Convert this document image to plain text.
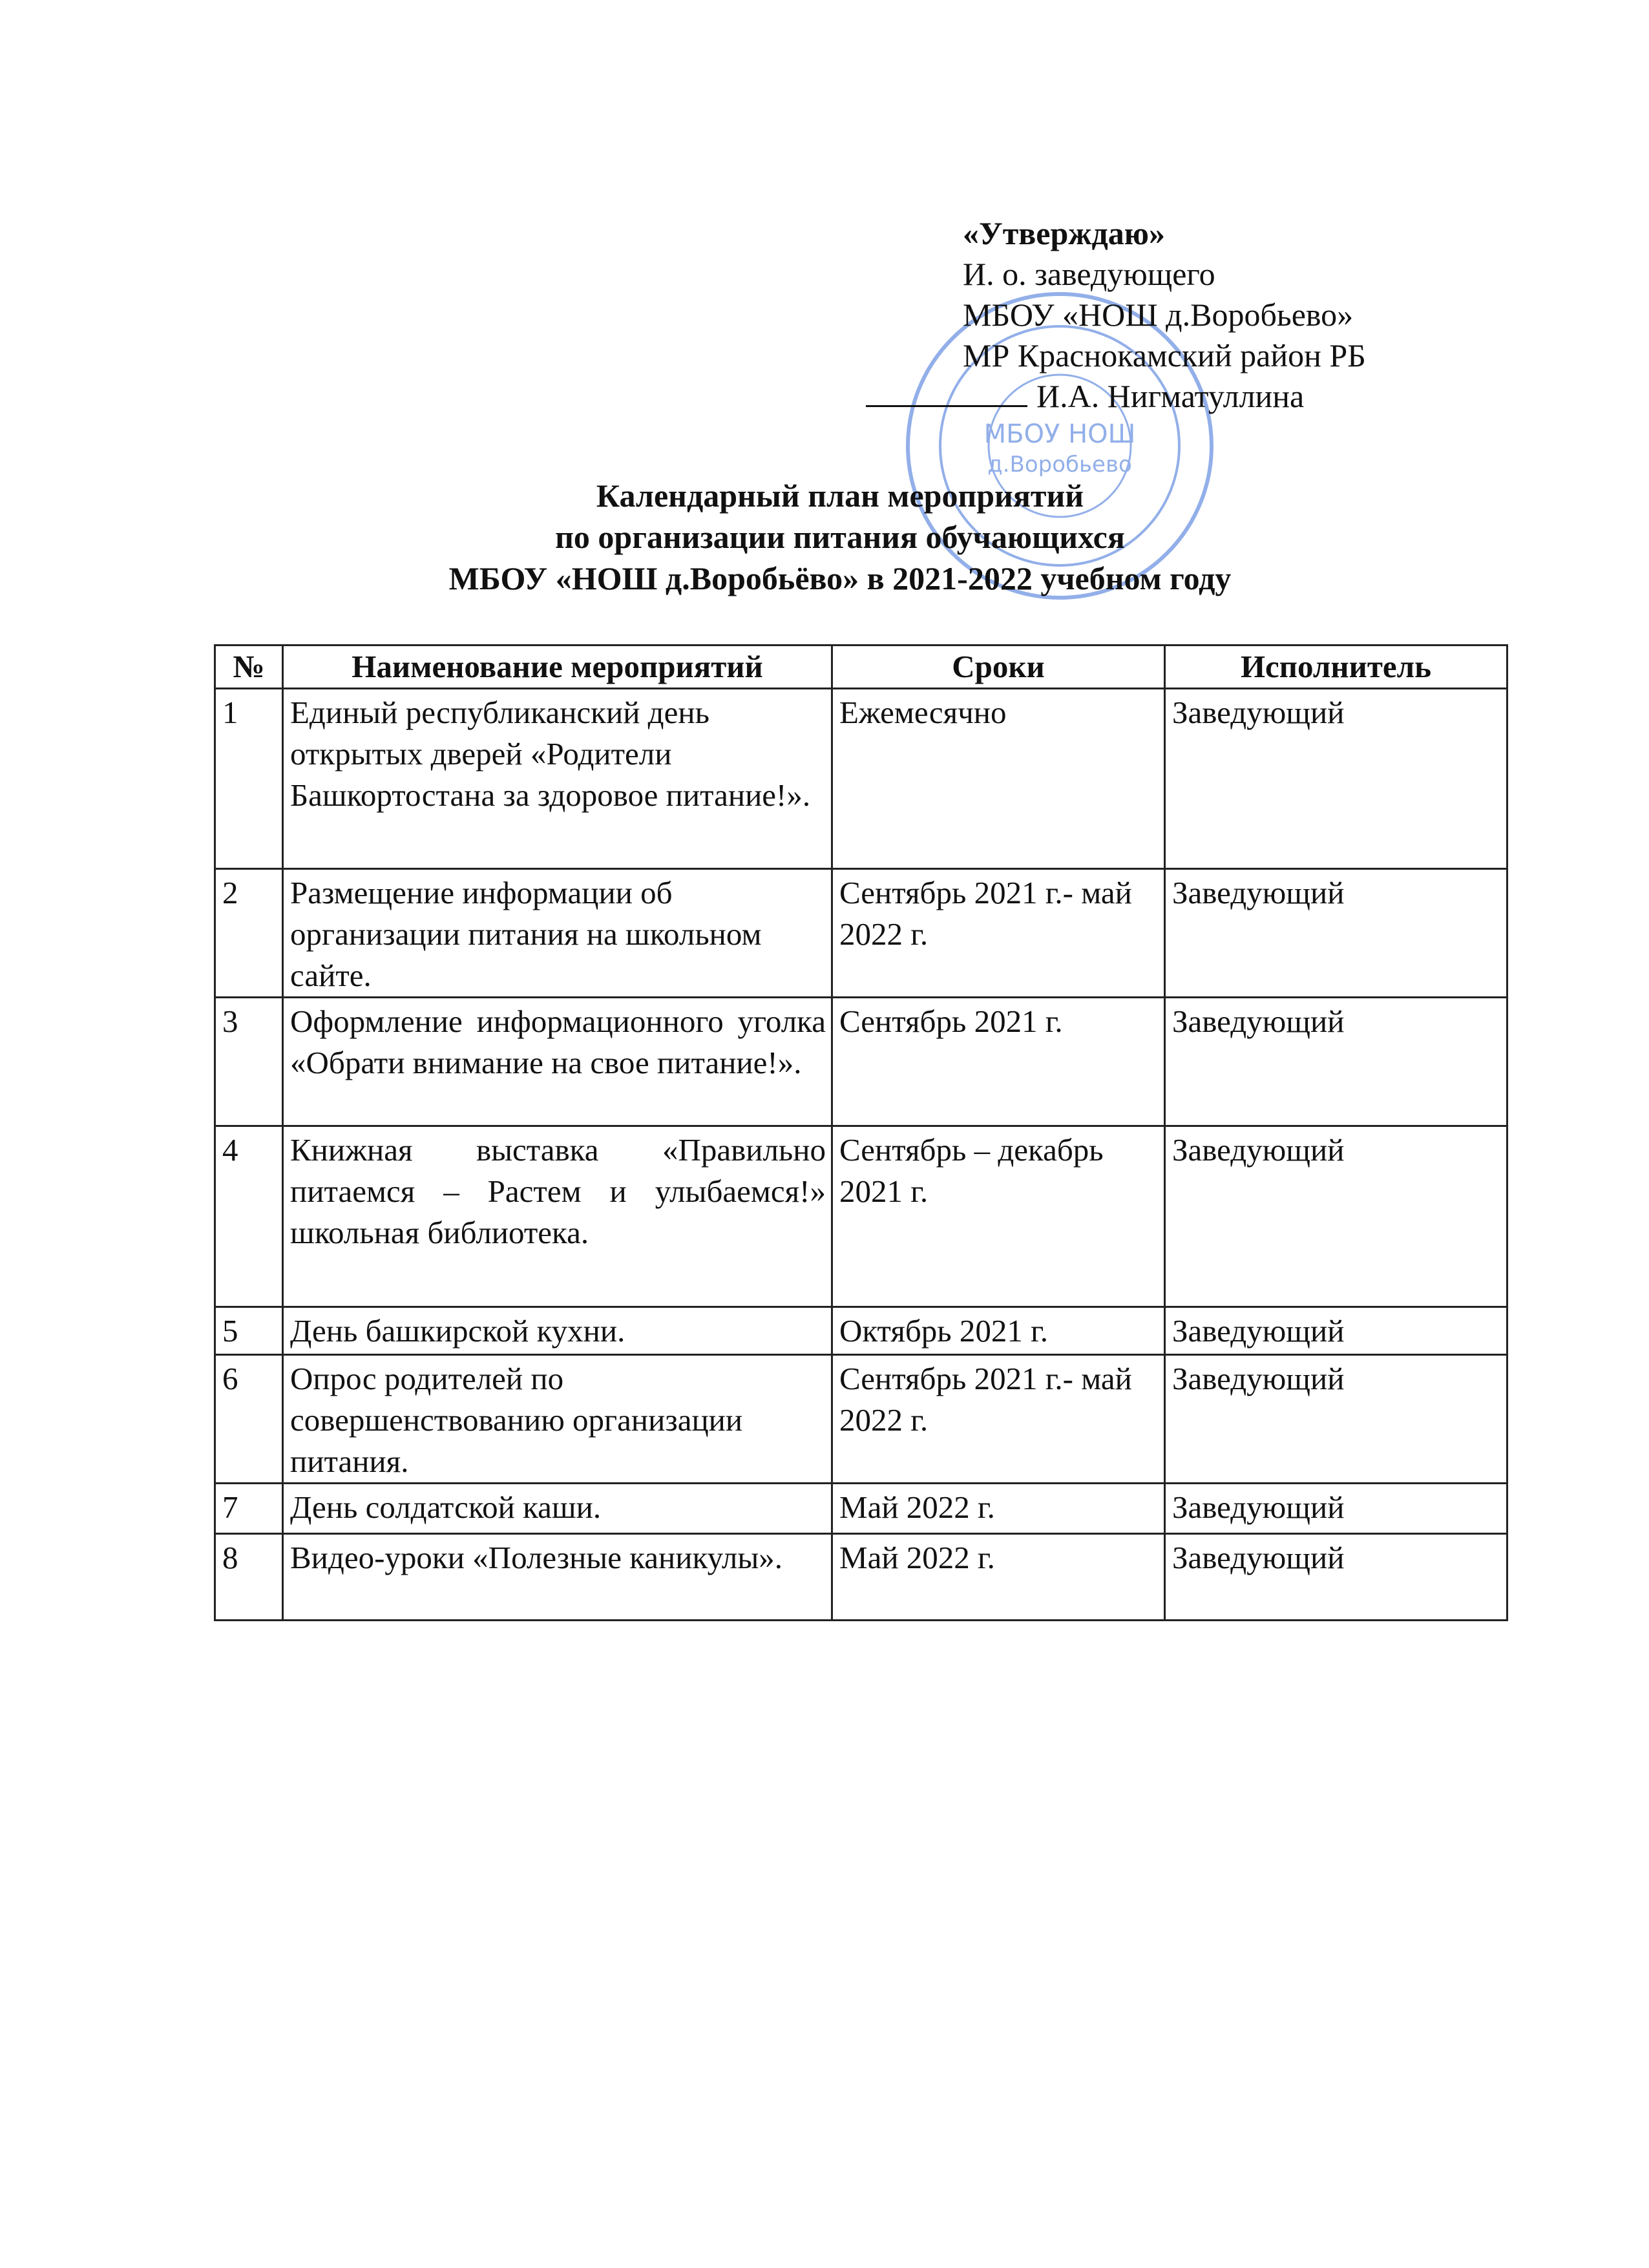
МБОУ НОШ
д.Воробьево
«Утверждаю»
И. о. заведующего
МБОУ «НОШ д.Воробьево»
МР Краснокамский район РБ
И.А. Нигматуллина
Календарный план мероприятий
по организации питания обучающихся
МБОУ «НОШ д.Воробьёво» в 2021-2022 учебном году
№	Наименование мероприятий	Сроки	Исполнитель
1	Единый республиканский день открытых дверей «Родители Башкортостана за здоровое питание!».	Ежемесячно	Заведующий
2	Размещение информации об организации питания на школьном сайте.	Сентябрь 2021 г.- май 2022 г.	Заведующий
3	Оформление информационного уголка «Обрати внимание на свое питание!».	Сентябрь 2021 г.	Заведующий
4	Книжная выставка «Правильно питаемся – Растем и улыбаемся!» школьная библиотека.	Сентябрь – декабрь 2021 г.	Заведующий
5	День башкирской кухни.	Октябрь 2021 г.	Заведующий
6	Опрос родителей по совершенствованию организации питания.	Сентябрь 2021 г.- май 2022 г.	Заведующий
7	День солдатской каши.	Май 2022 г.	Заведующий
8	Видео-уроки «Полезные каникулы».	Май 2022 г.	Заведующий
